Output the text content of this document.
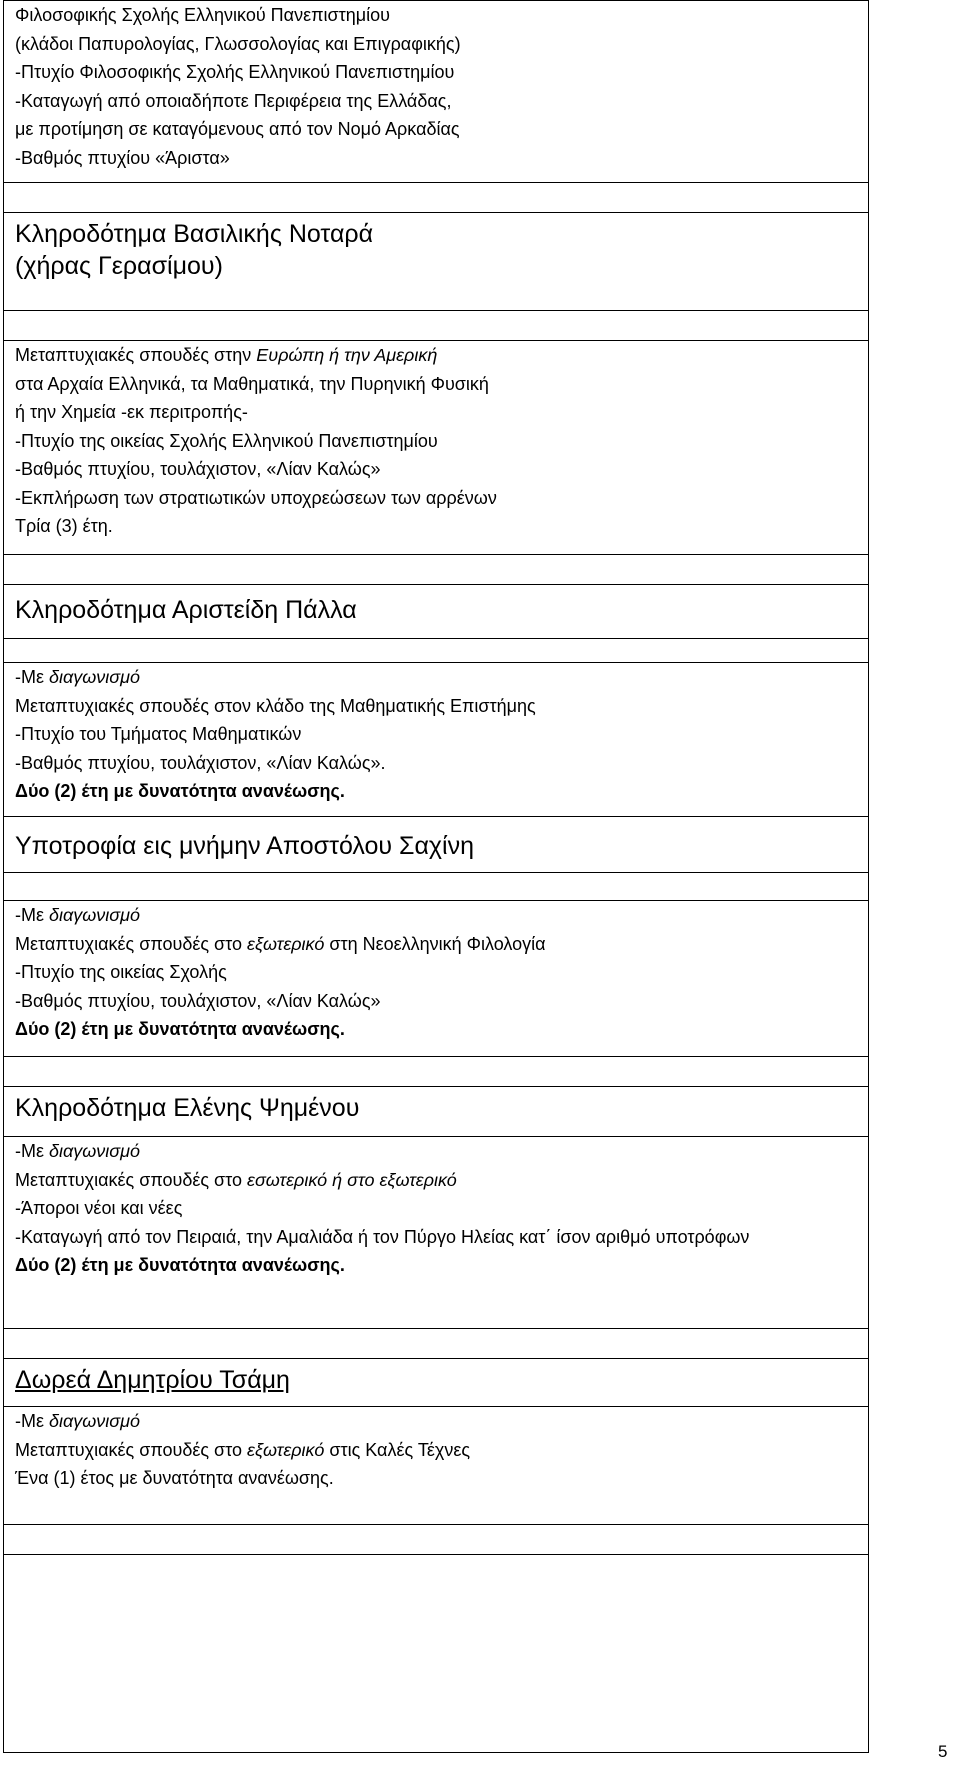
Φιλοσοφικής Σχολής Ελληνικού Πανεπιστημίου
(κλάδοι Παπυρολογίας, Γλωσσολογίας και Επιγραφικής)
-Πτυχίο Φιλοσοφικής Σχολής Ελληνικού Πανεπιστημίου
-Καταγωγή από οποιαδήποτε Περιφέρεια της Ελλάδας,
με προτίμηση σε καταγόμενους από τον Νομό Αρκαδίας
-Βαθμός πτυχίου «Άριστα»

Κληροδότημα Βασιλικής Νοταρά
(χήρας Γερασίμου)

Μεταπτυχιακές σπουδές στην Ευρώπη ή την Αμερική
στα Αρχαία Ελληνικά, τα Μαθηματικά, την Πυρηνική Φυσική
ή την Χημεία -εκ περιτροπής-
-Πτυχίο της οικείας Σχολής Ελληνικού Πανεπιστημίου
-Βαθμός πτυχίου, τουλάχιστον, «Λίαν Καλώς»
-Εκπλήρωση των στρατιωτικών υποχρεώσεων των αρρένων
Τρία (3) έτη.

Κληροδότημα Αριστείδη Πάλλα

-Με διαγωνισμό
Μεταπτυχιακές σπουδές στον κλάδο της Μαθηματικής Επιστήμης
-Πτυχίο του Τμήματος Μαθηματικών
-Βαθμός πτυχίου, τουλάχιστον, «Λίαν Καλώς».
Δύο (2) έτη με δυνατότητα ανανέωσης.

Υποτροφία εις μνήμην Αποστόλου Σαχίνη

-Με διαγωνισμό
Μεταπτυχιακές σπουδές στο εξωτερικό στη Νεοελληνική Φιλολογία
-Πτυχίο της οικείας Σχολής
-Βαθμός πτυχίου, τουλάχιστον, «Λίαν Καλώς»
Δύο (2) έτη με δυνατότητα ανανέωσης.

Κληροδότημα Ελένης Ψημένου

-Με διαγωνισμό
Μεταπτυχιακές σπουδές στο εσωτερικό ή στο εξωτερικό
-Άποροι νέοι και νέες
-Καταγωγή από τον Πειραιά, την Αμαλιάδα ή τον Πύργο Ηλείας κατ΄ ίσον αριθμό υποτρόφων
Δύο (2) έτη με δυνατότητα ανανέωσης.

Δωρεά Δημητρίου Τσάμη

-Με διαγωνισμό
Μεταπτυχιακές σπουδές στο εξωτερικό στις Καλές Τέχνες
Ένα (1) έτος με δυνατότητα ανανέωσης.

5
